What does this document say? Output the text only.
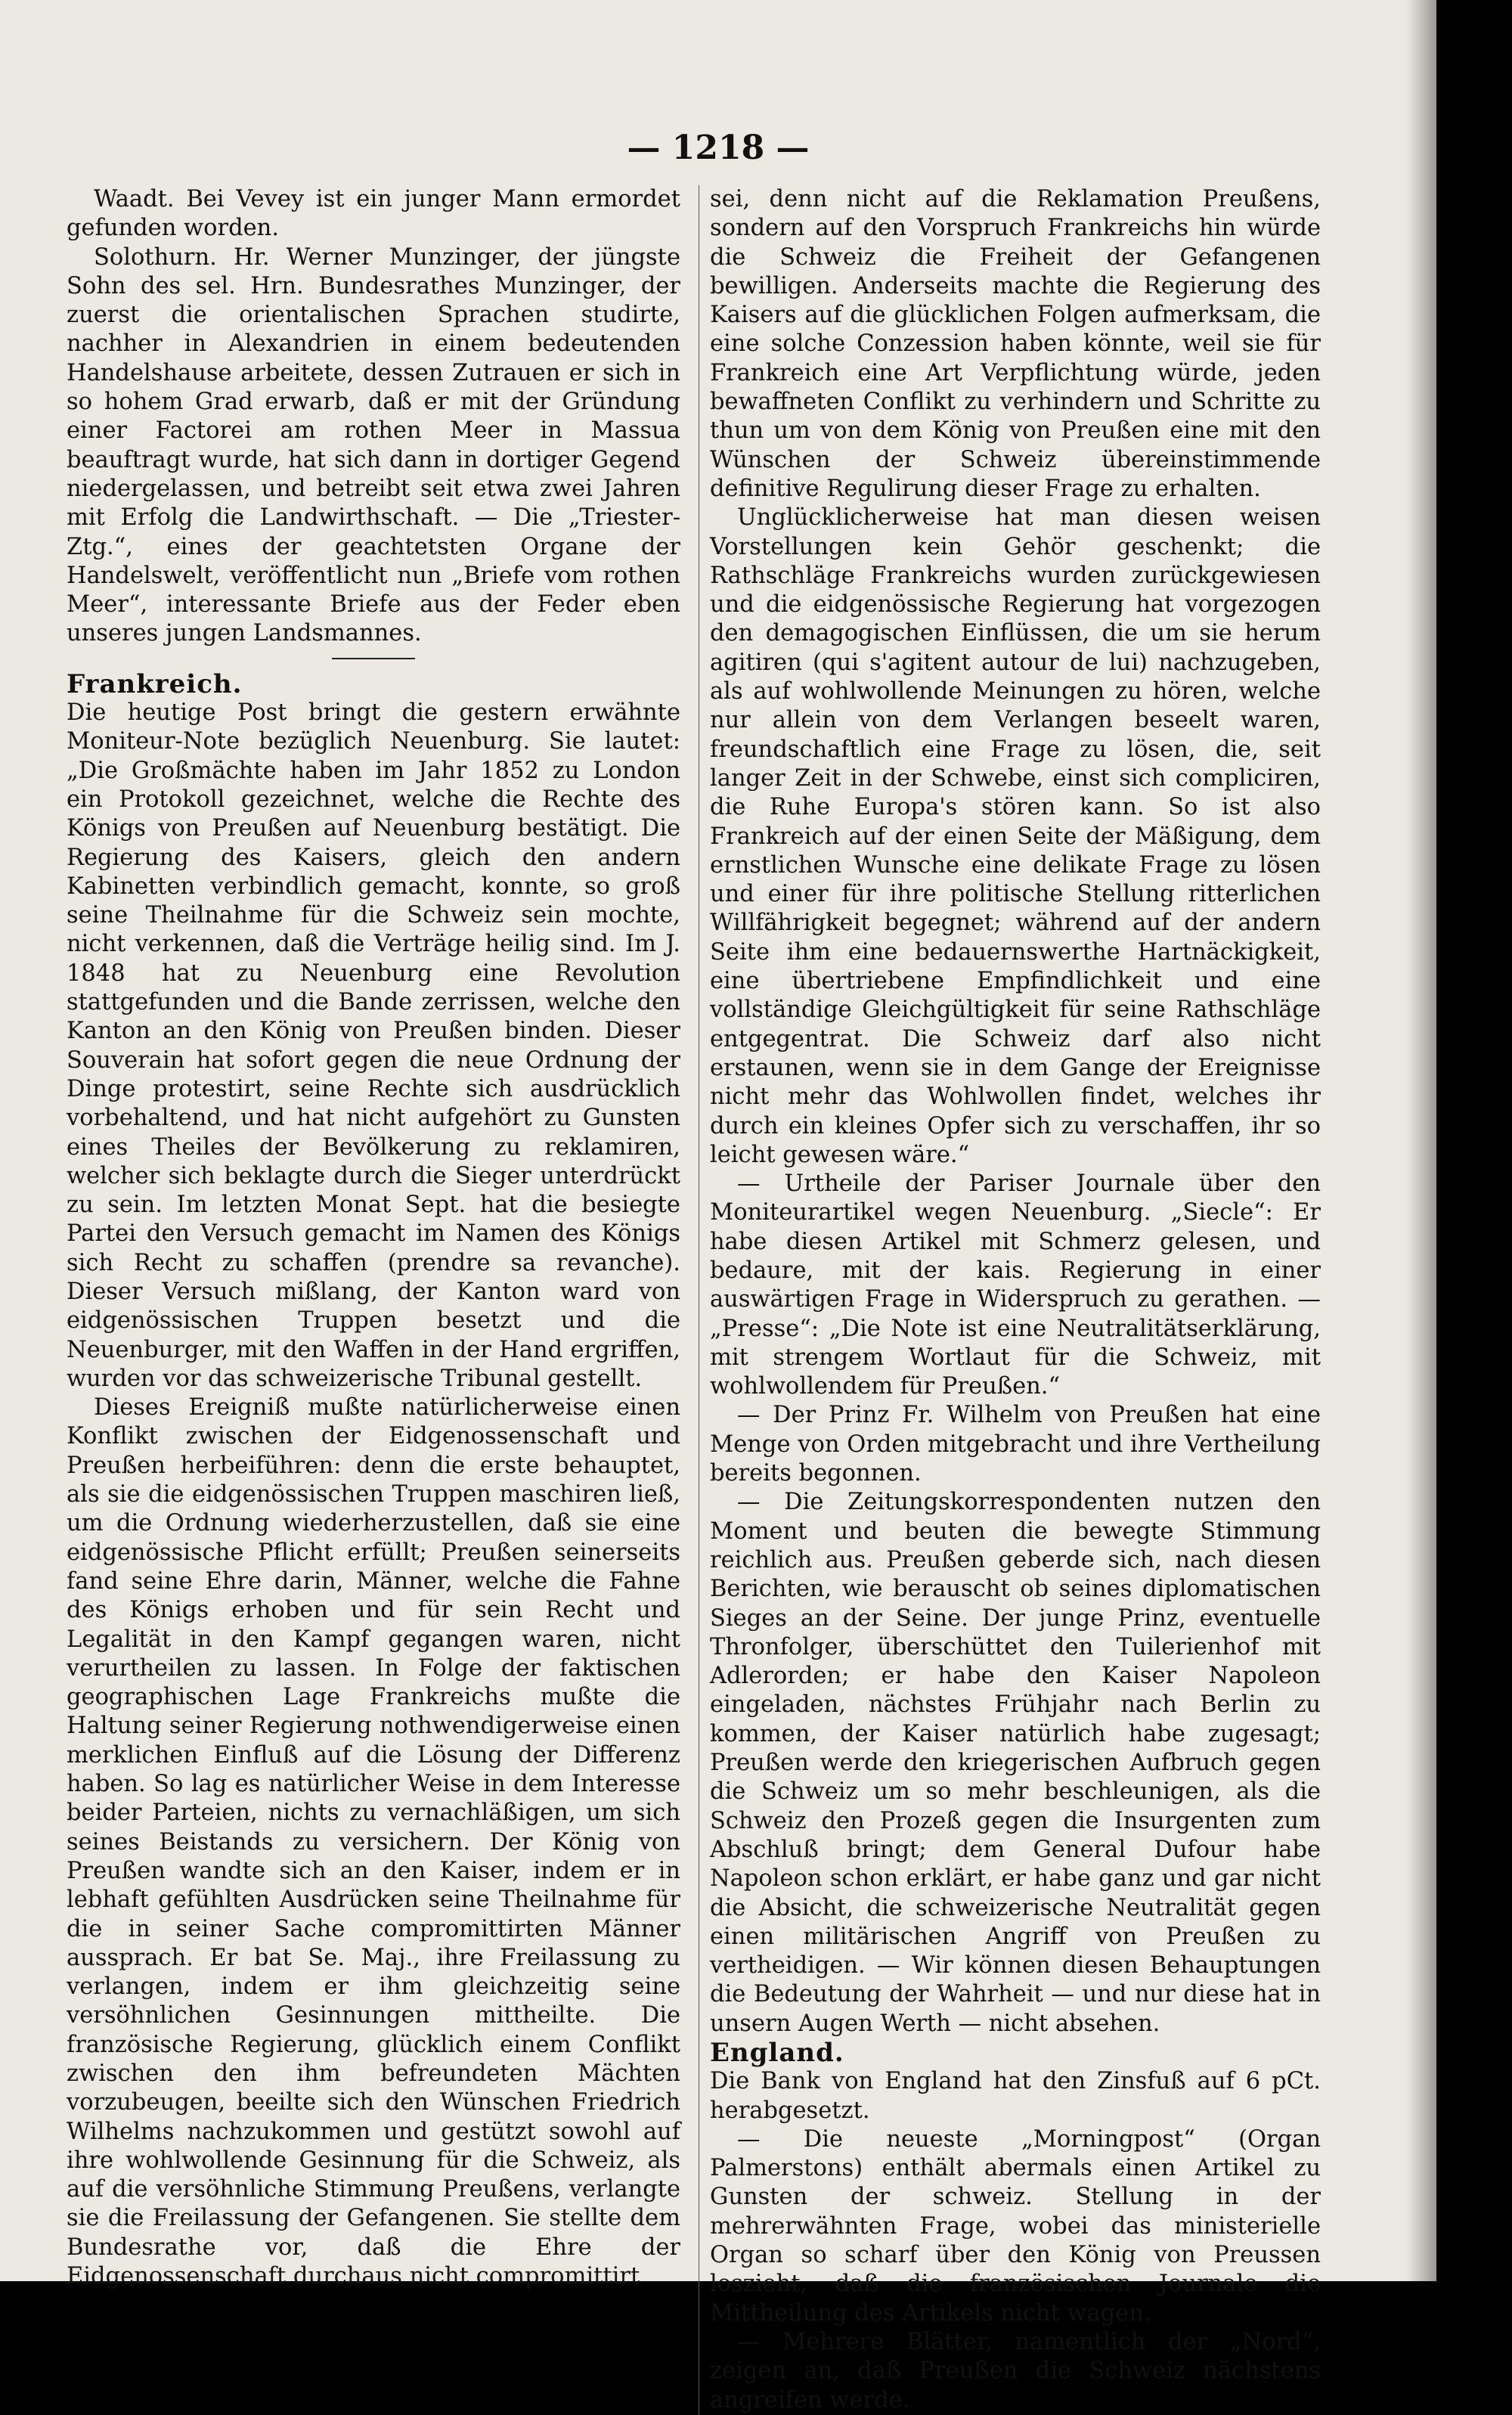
— 1218 —

Waadt. Bei Vevey ist ein junger Mann ermordet gefunden worden.

Solothurn. Hr. Werner Munzinger, der jüngste Sohn des sel. Hrn. Bundesrathes Munzinger, der zuerst die orientalischen Sprachen studirte, nachher in Alexandrien in einem bedeutenden Handelshause arbeitete, dessen Zutrauen er sich in so hohem Grad erwarb, daß er mit der Gründung einer Factorei am rothen Meer in Massua beauftragt wurde, hat sich dann in dortiger Gegend niedergelassen, und betreibt seit etwa zwei Jahren mit Erfolg die Landwirthschaft. — Die „Triester-Ztg.“, eines der geachtetsten Organe der Handelswelt, veröffentlicht nun „Briefe vom rothen Meer“, interessante Briefe aus der Feder eben unseres jungen Landsmannes.

Frankreich.

Die heutige Post bringt die gestern erwähnte Moniteur-Note bezüglich Neuenburg. Sie lautet: „Die Großmächte haben im Jahr 1852 zu London ein Protokoll gezeichnet, welche die Rechte des Königs von Preußen auf Neuenburg bestätigt. Die Regierung des Kaisers, gleich den andern Kabinetten verbindlich gemacht, konnte, so groß seine Theilnahme für die Schweiz sein mochte, nicht verkennen, daß die Verträge heilig sind. Im J. 1848 hat zu Neuenburg eine Revolution stattgefunden und die Bande zerrissen, welche den Kanton an den König von Preußen binden. Dieser Souverain hat sofort gegen die neue Ordnung der Dinge protestirt, seine Rechte sich ausdrücklich vorbehaltend, und hat nicht aufgehört zu Gunsten eines Theiles der Bevölkerung zu reklamiren, welcher sich beklagte durch die Sieger unterdrückt zu sein. Im letzten Monat Sept. hat die besiegte Partei den Versuch gemacht im Namen des Königs sich Recht zu schaffen (prendre sa revanche). Dieser Versuch mißlang, der Kanton ward von eidgenössischen Truppen besetzt und die Neuenburger, mit den Waffen in der Hand ergriffen, wurden vor das schweizerische Tribunal gestellt.

Dieses Ereigniß mußte natürlicherweise einen Konflikt zwischen der Eidgenossenschaft und Preußen herbeiführen: denn die erste behauptet, als sie die eidgenössischen Truppen maschiren ließ, um die Ordnung wiederherzustellen, daß sie eine eidgenössische Pflicht erfüllt; Preußen seinerseits fand seine Ehre darin, Männer, welche die Fahne des Königs erhoben und für sein Recht und Legalität in den Kampf gegangen waren, nicht verurtheilen zu lassen. In Folge der faktischen geographischen Lage Frankreichs mußte die Haltung seiner Regierung nothwendigerweise einen merklichen Einfluß auf die Lösung der Differenz haben. So lag es natürlicher Weise in dem Interesse beider Parteien, nichts zu vernachläßigen, um sich seines Beistands zu versichern. Der König von Preußen wandte sich an den Kaiser, indem er in lebhaft gefühlten Ausdrücken seine Theilnahme für die in seiner Sache compromittirten Männer aussprach. Er bat Se. Maj., ihre Freilassung zu verlangen, indem er ihm gleichzeitig seine versöhnlichen Gesinnungen mittheilte. Die französische Regierung, glücklich einem Conflikt zwischen den ihm befreundeten Mächten vorzubeugen, beeilte sich den Wünschen Friedrich Wilhelms nachzukommen und gestützt sowohl auf ihre wohlwollende Gesinnung für die Schweiz, als auf die versöhnliche Stimmung Preußens, verlangte sie die Freilassung der Gefangenen. Sie stellte dem Bundesrathe vor, daß die Ehre der Eidgenossenschaft durchaus nicht compromittirt

sei, denn nicht auf die Reklamation Preußens, sondern auf den Vorspruch Frankreichs hin würde die Schweiz die Freiheit der Gefangenen bewilligen. Anderseits machte die Regierung des Kaisers auf die glücklichen Folgen aufmerksam, die eine solche Conzession haben könnte, weil sie für Frankreich eine Art Verpflichtung würde, jeden bewaffneten Conflikt zu verhindern und Schritte zu thun um von dem König von Preußen eine mit den Wünschen der Schweiz übereinstimmende definitive Regulirung dieser Frage zu erhalten.

Unglücklicherweise hat man diesen weisen Vorstellungen kein Gehör geschenkt; die Rathschläge Frankreichs wurden zurückgewiesen und die eidgenössische Regierung hat vorgezogen den demagogischen Einflüssen, die um sie herum agitiren (qui s'agitent autour de lui) nachzugeben, als auf wohlwollende Meinungen zu hören, welche nur allein von dem Verlangen beseelt waren, freundschaftlich eine Frage zu lösen, die, seit langer Zeit in der Schwebe, einst sich compliciren, die Ruhe Europa's stören kann. So ist also Frankreich auf der einen Seite der Mäßigung, dem ernstlichen Wunsche eine delikate Frage zu lösen und einer für ihre politische Stellung ritterlichen Willfährigkeit begegnet; während auf der andern Seite ihm eine bedauernswerthe Hartnäckigkeit, eine übertriebene Empfindlichkeit und eine vollständige Gleichgültigkeit für seine Rathschläge entgegentrat. Die Schweiz darf also nicht erstaunen, wenn sie in dem Gange der Ereignisse nicht mehr das Wohlwollen findet, welches ihr durch ein kleines Opfer sich zu verschaffen, ihr so leicht gewesen wäre.“

— Urtheile der Pariser Journale über den Moniteurartikel wegen Neuenburg. „Siecle“: Er habe diesen Artikel mit Schmerz gelesen, und bedaure, mit der kais. Regierung in einer auswärtigen Frage in Widerspruch zu gerathen. — „Presse“: „Die Note ist eine Neutralitätserklärung, mit strengem Wortlaut für die Schweiz, mit wohlwollendem für Preußen.“

— Der Prinz Fr. Wilhelm von Preußen hat eine Menge von Orden mitgebracht und ihre Vertheilung bereits begonnen.

— Die Zeitungskorrespondenten nutzen den Moment und beuten die bewegte Stimmung reichlich aus. Preußen geberde sich, nach diesen Berichten, wie berauscht ob seines diplomatischen Sieges an der Seine. Der junge Prinz, eventuelle Thronfolger, überschüttet den Tuilerienhof mit Adlerorden; er habe den Kaiser Napoleon eingeladen, nächstes Frühjahr nach Berlin zu kommen, der Kaiser natürlich habe zugesagt; Preußen werde den kriegerischen Aufbruch gegen die Schweiz um so mehr beschleunigen, als die Schweiz den Prozeß gegen die Insurgenten zum Abschluß bringt; dem General Dufour habe Napoleon schon erklärt, er habe ganz und gar nicht die Absicht, die schweizerische Neutralität gegen einen militärischen Angriff von Preußen zu vertheidigen. — Wir können diesen Behauptungen die Bedeutung der Wahrheit — und nur diese hat in unsern Augen Werth — nicht absehen.

England.

Die Bank von England hat den Zinsfuß auf 6 pCt. herabgesetzt.

— Die neueste „Morningpost“ (Organ Palmerstons) enthält abermals einen Artikel zu Gunsten der schweiz. Stellung in der mehrerwähnten Frage, wobei das ministerielle Organ so scharf über den König von Preussen loszieht, daß die französischen Journale die Mittheilung des Artikels nicht wagen.

— Mehrere Blätter, namentlich der „Nord“, zeigen an, daß Preußen die Schweiz nächstens angreifen werde.
